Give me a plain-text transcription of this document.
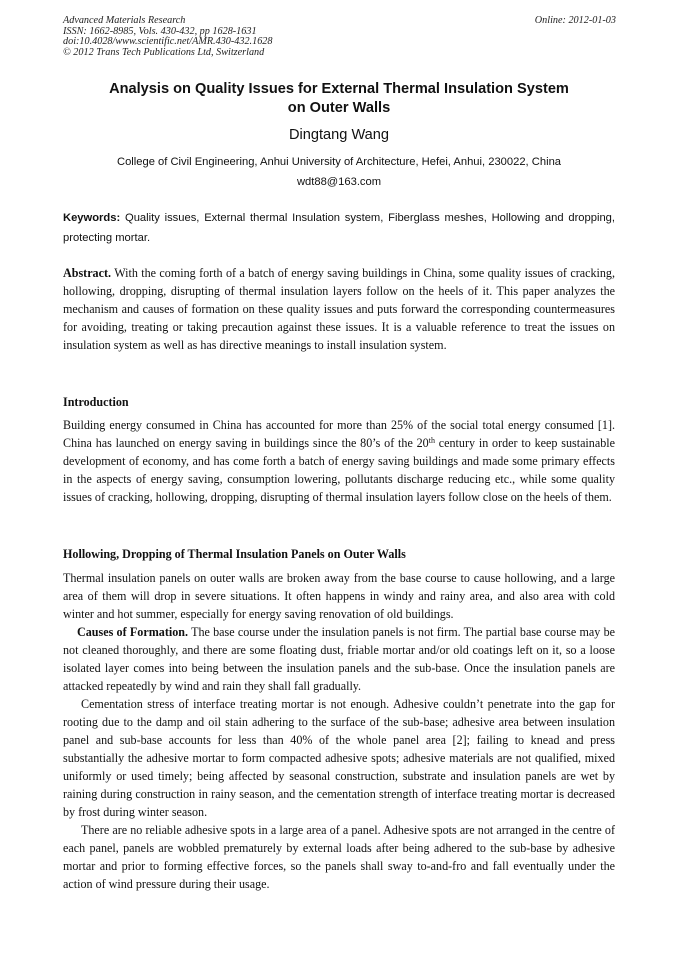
Advanced Materials Research
ISSN: 1662-8985, Vols. 430-432, pp 1628-1631
doi:10.4028/www.scientific.net/AMR.430-432.1628
© 2012 Trans Tech Publications Ltd, Switzerland
Online: 2012-01-03
Analysis on Quality Issues for External Thermal Insulation System
on Outer Walls
Dingtang Wang
College of Civil Engineering, Anhui University of Architecture, Hefei, Anhui, 230022, China
wdt88@163.com
Keywords: Quality issues, External thermal Insulation system, Fiberglass meshes, Hollowing and dropping, protecting mortar.
Abstract. With the coming forth of a batch of energy saving buildings in China, some quality issues of cracking, hollowing, dropping, disrupting of thermal insulation layers follow on the heels of it. This paper analyzes the mechanism and causes of formation on these quality issues and puts forward the corresponding countermeasures for avoiding, treating or taking precaution against these issues. It is a valuable reference to treat the issues on insulation system as well as has directive meanings to install insulation system.
Introduction
Building energy consumed in China has accounted for more than 25% of the social total energy consumed [1]. China has launched on energy saving in buildings since the 80’s of the 20th century in order to keep sustainable development of economy, and has come forth a batch of energy saving buildings and made some primary effects in the aspects of energy saving, consumption lowering, pollutants discharge reducing etc., while some quality issues of cracking, hollowing, dropping, disrupting of thermal insulation layers follow close on the heels of them.
Hollowing, Dropping of Thermal Insulation Panels on Outer Walls

Thermal insulation panels on outer walls are broken away from the base course to cause hollowing, and a large area of them will drop in severe situations. It often happens in windy and rainy area, and also area with cold winter and hot summer, especially for energy saving renovation of old buildings.

Causes of Formation. The base course under the insulation panels is not firm. The partial base course may be not cleaned thoroughly, and there are some floating dust, friable mortar and/or old coatings left on it, so a loose isolated layer comes into being between the insulation panels and the sub-base. Once the insulation panels are attacked repeatedly by wind and rain they shall fall gradually.

Cementation stress of interface treating mortar is not enough. Adhesive couldn’t penetrate into the gap for rooting due to the damp and oil stain adhering to the surface of the sub-base; adhesive area between insulation panel and sub-base accounts for less than 40% of the whole panel area [2]; failing to knead and press substantially the adhesive mortar to form compacted adhesive spots; adhesive materials are not qualified, mixed uniformly or used timely; being affected by seasonal construction, substrate and insulation panels are wet by raining during construction in rainy season, and the cementation strength of interface treating mortar is decreased by frost during winter season.

There are no reliable adhesive spots in a large area of a panel. Adhesive spots are not arranged in the centre of each panel, panels are wobbled prematurely by external loads after being adhered to the sub-base by adhesive mortar and prior to forming effective forces, so the panels shall sway to-and-fro and fall eventually under the action of wind pressure during their usage.
